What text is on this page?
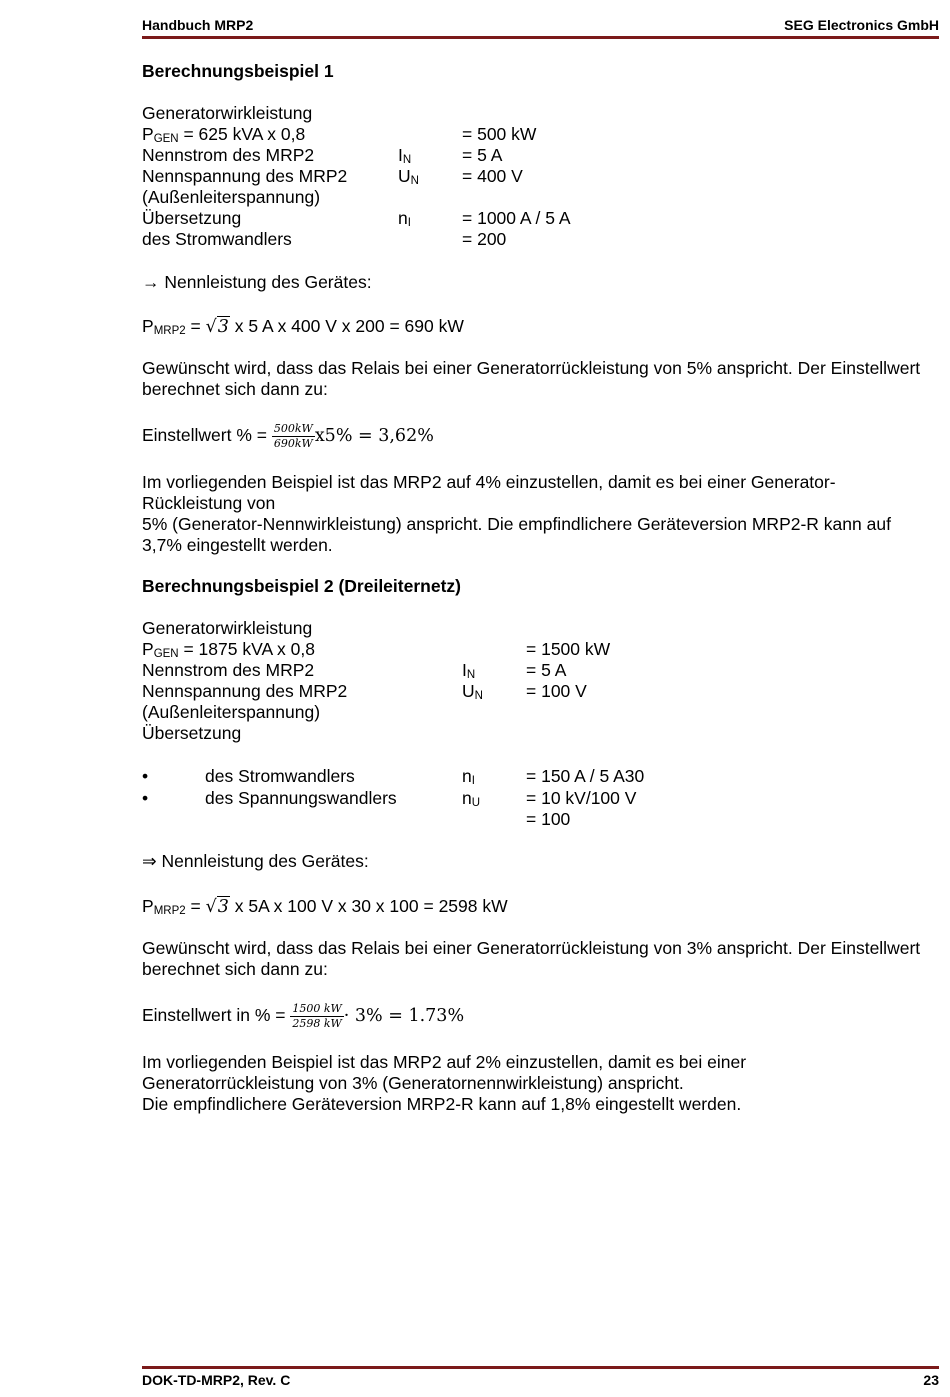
Handbuch MRP2	SEG Electronics GmbH
Berechnungsbeispiel 1
Generatorwirkleistung
$P_{GEN} = 625$ kVA x 0,8	= 500 kW
Nennstrom des MRP2	$I_N$	= 5 A
Nennspannung des MRP2	$U_N = 400$ V
(Außenleiterspannung)
Übersetzung	$n_I$	= 1000 A / 5 A
des Stromwandlers	= 200
→ Nennleistung des Gerätes:
$P_{MRP2} = √3$ x 5 A x 400 V x 200 = 690 kW
Gewünscht wird, dass das Relais bei einer Generatorrückleistung von 5% anspricht. Der Einstellwert berechnet sich dann zu:
Einstellwert % = $\frac{500kW}{690kW} x5\% = 3,62\%$
Im vorliegenden Beispiel ist das MRP2 auf 4% einzustellen, damit es bei einer Generator-
Rückleistung von
5% (Generator-Nennwirkleistung) anspricht. Die empfindlichere Geräteversion MRP2-R kann auf
3,7% eingestellt werden.
Berechnungsbeispiel 2 (Dreileiternetz)
Generatorwirkleistung
$P_{GEN} = 1875$ kVA x 0,8	= 1500 kW
Nennstrom des MRP2	$I_N$	= 5 A
Nennspannung des MRP2	$U_N = 100$ V
(Außenleiterspannung)
Übersetzung
•	des Stromwandlers	$n_I$	= 150 A / 5 A30
•	des Spannungswandlers	$n_U$	= 10 kV/100 V
= 100
⇒ Nennleistung des Gerätes:
$P_{MRP2} = √3$ x 5A x 100 V x 30 x 100 = 2598 kW
Gewünscht wird, dass das Relais bei einer Generatorrückleistung von 3% anspricht. Der Einstellwert berechnet sich dann zu:
Einstellwert in % = $\frac{1500 kW}{2598 kW} \cdot 3\% = 1.73\%$
Im vorliegenden Beispiel ist das MRP2 auf 2% einzustellen, damit es bei einer
Generatorrückleistung von 3% (Generatornennwirkleistung) anspricht.
Die empfindlichere Geräteversion MRP2-R kann auf 1,8% eingestellt werden.
DOK-TD-MRP2, Rev. C	23
